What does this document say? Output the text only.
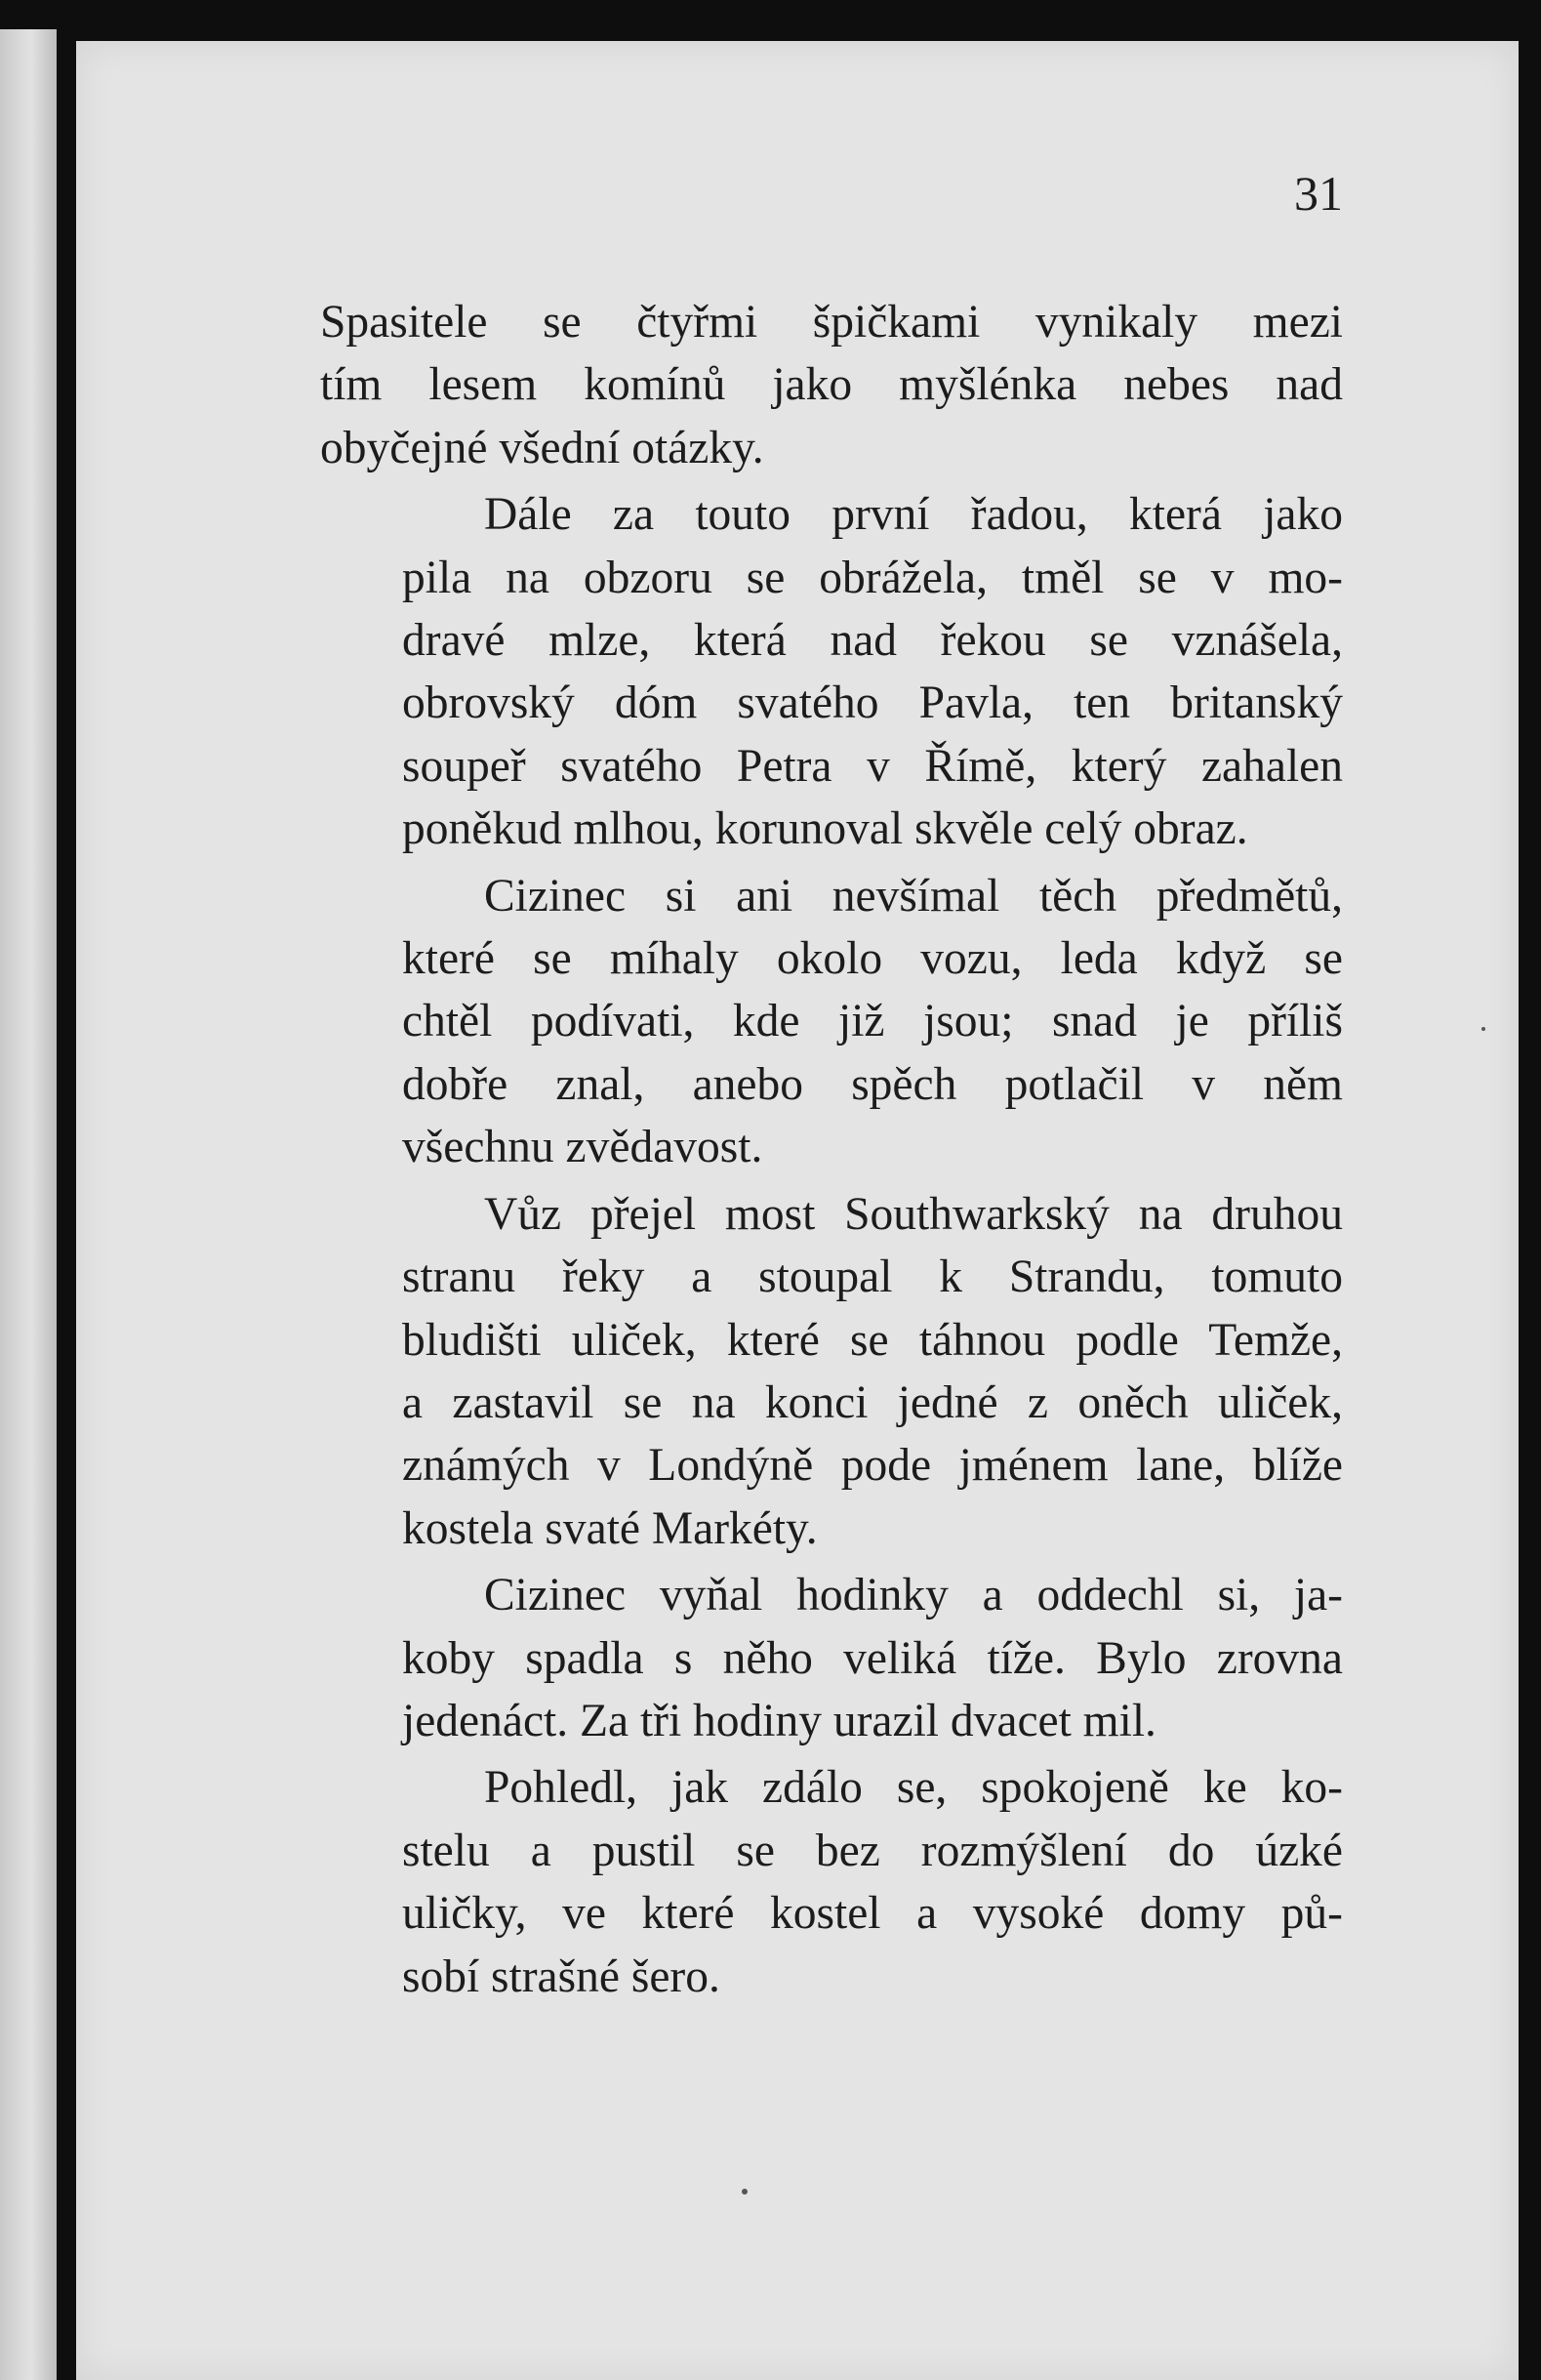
31
Spasitele se čtyřmi špičkami vynikaly mezi
tím lesem komínů jako myšlénka nebes nad
obyčejné všední otázky.
Dále za touto první řadou, která jako
pila na obzoru se obrážela, tměl se v mo-
dravé mlze, která nad řekou se vznášela,
obrovský dóm svatého Pavla, ten britanský
soupeř svatého Petra v Římě, který zahalen
poněkud mlhou, korunoval skvěle celý obraz.
Cizinec si ani nevšímal těch předmětů,
které se míhaly okolo vozu, leda když se
chtěl podívati, kde již jsou; snad je příliš
dobře znal, anebo spěch potlačil v něm
všechnu zvědavost.
Vůz přejel most Southwarkský na druhou
stranu řeky a stoupal k Strandu, tomuto
bludišti uliček, které se táhnou podle Temže,
a zastavil se na konci jedné z oněch uliček,
známých v Londýně pode jménem lane, blíže
kostela svaté Markéty.
Cizinec vyňal hodinky a oddechl si, ja-
koby spadla s něho veliká tíže. Bylo zrovna
jedenáct. Za tři hodiny urazil dvacet mil.
Pohledl, jak zdálo se, spokojeně ke ko-
stelu a pustil se bez rozmýšlení do úzké
uličky, ve které kostel a vysoké domy pů-
sobí strašné šero.
